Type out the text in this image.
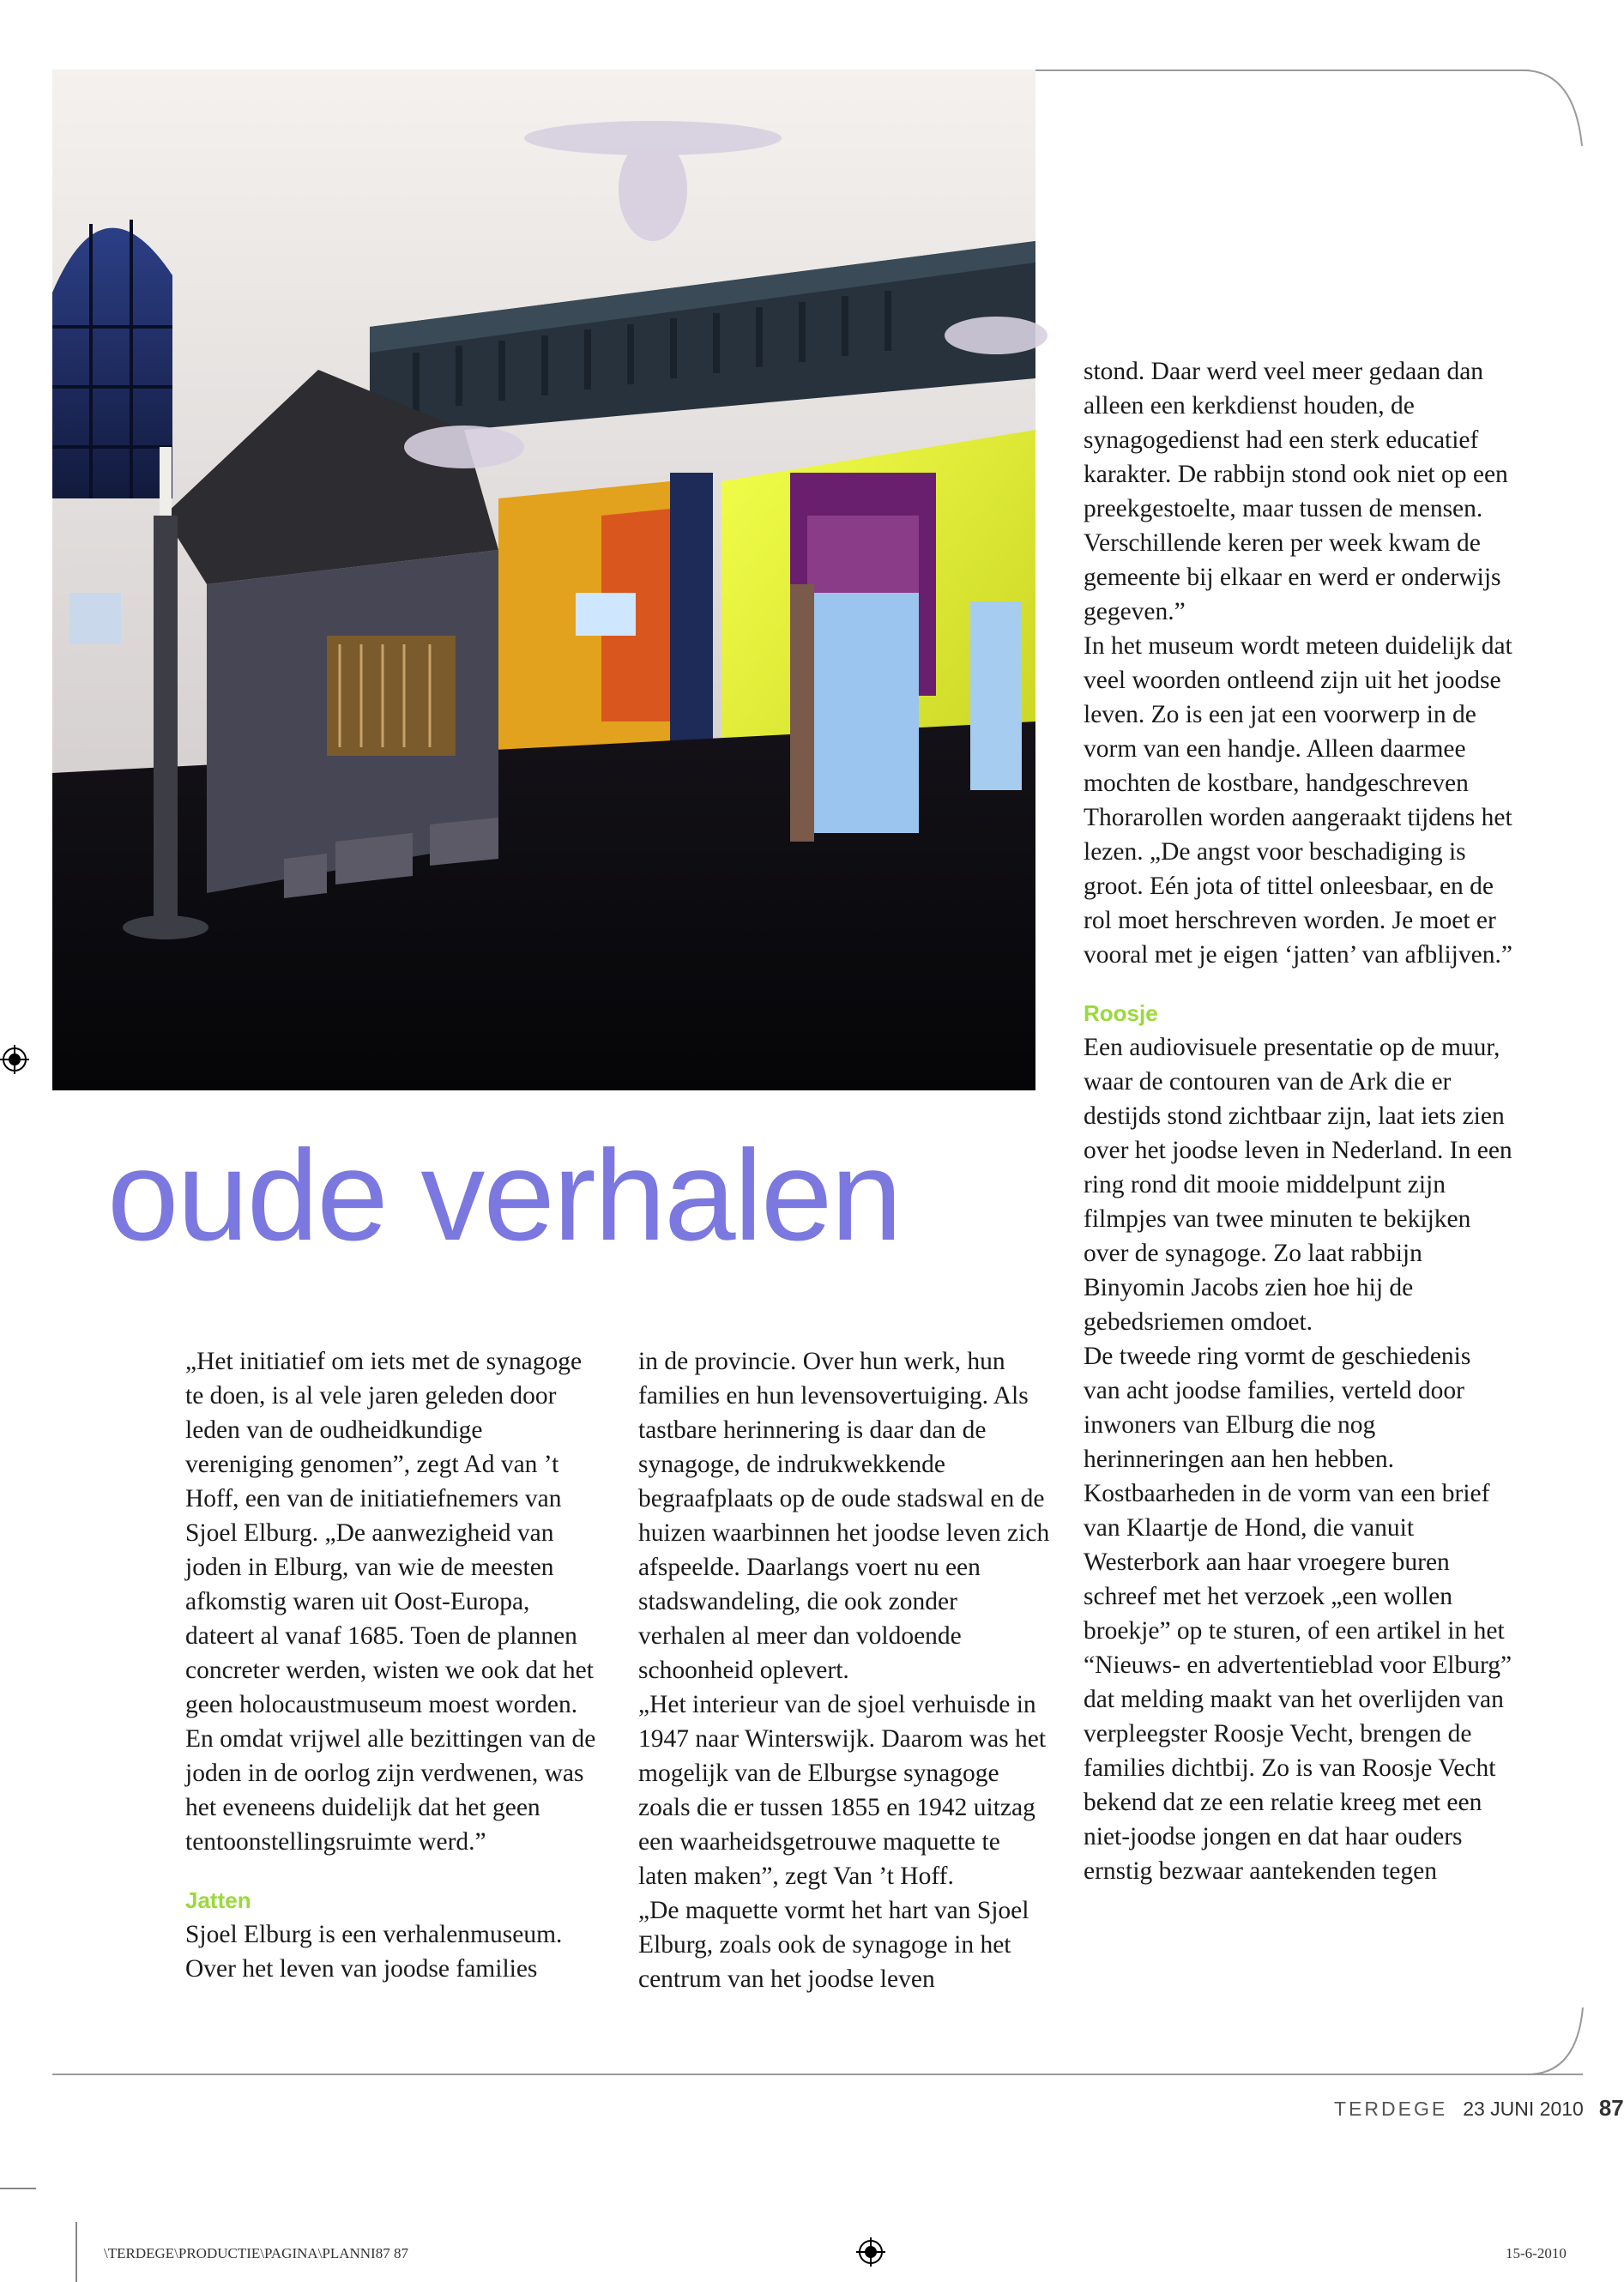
oude verhalen

„Het initiatief om iets met de synagoge te doen, is al vele jaren geleden door leden van de oudheidkundige vereniging genomen”, zegt Ad van ’t Hoff, een van de initiatiefnemers van Sjoel Elburg. „De aanwezigheid van joden in Elburg, van wie de meesten afkomstig waren uit Oost-Europa, dateert al vanaf 1685. Toen de plannen concreter werden, wisten we ook dat het geen holocaustmuseum moest worden. En omdat vrijwel alle bezittingen van de joden in de oorlog zijn verdwenen, was het eveneens duidelijk dat het geen tentoonstellingsruimte werd.”

Jatten

Sjoel Elburg is een verhalenmuseum. Over het leven van joodse families

in de provincie. Over hun werk, hun families en hun levensovertuiging. Als tastbare herinnering is daar dan de synagoge, de indrukwekkende begraafplaats op de oude stadswal en de huizen waarbinnen het joodse leven zich afspeelde. Daarlangs voert nu een stadswandeling, die ook zonder verhalen al meer dan voldoende schoonheid oplevert.

„Het interieur van de sjoel verhuisde in 1947 naar Winterswijk. Daarom was het mogelijk van de Elburgse synagoge zoals die er tussen 1855 en 1942 uitzag een waarheidsgetrouwe maquette te laten maken”, zegt Van ’t Hoff.

„De maquette vormt het hart van Sjoel Elburg, zoals ook de synagoge in het centrum van het joodse leven

stond. Daar werd veel meer gedaan dan alleen een kerkdienst houden, de synagogedienst had een sterk educatief karakter. De rabbijn stond ook niet op een preekgestoelte, maar tussen de mensen. Verschillende keren per week kwam de gemeente bij elkaar en werd er onderwijs gegeven.”

In het museum wordt meteen duidelijk dat veel woorden ontleend zijn uit het joodse leven. Zo is een jat een voorwerp in de vorm van een handje. Alleen daarmee mochten de kostbare, handgeschreven Thorarollen worden aangeraakt tijdens het lezen. „De angst voor beschadiging is groot. Eén jota of tittel onleesbaar, en de rol moet herschreven worden. Je moet er vooral met je eigen ‘jatten’ van afblijven.”

Roosje

Een audiovisuele presentatie op de muur, waar de contouren van de Ark die er destijds stond zichtbaar zijn, laat iets zien over het joodse leven in Nederland. In een ring rond dit mooie middelpunt zijn filmpjes van twee minuten te bekijken over de synagoge. Zo laat rabbijn Binyomin Jacobs zien hoe hij de gebedsriemen omdoet.

De tweede ring vormt de geschiedenis van acht joodse families, verteld door inwoners van Elburg die nog herinneringen aan hen hebben. Kostbaarheden in de vorm van een brief van Klaartje de Hond, die vanuit Westerbork aan haar vroegere buren schreef met het verzoek „een wollen broekje” op te sturen, of een artikel in het “Nieuws- en advertentieblad voor Elburg” dat melding maakt van het overlijden van verpleegster Roosje Vecht, brengen de families dichtbij. Zo is van Roosje Vecht bekend dat ze een relatie kreeg met een niet-joodse jongen en dat haar ouders ernstig bezwaar aantekenden tegen

TERDEGE 23 JUNI 2010 87
\TERDEGE\PRODUCTIE\PAGINA\PLANNI87 87	15-6-2010
